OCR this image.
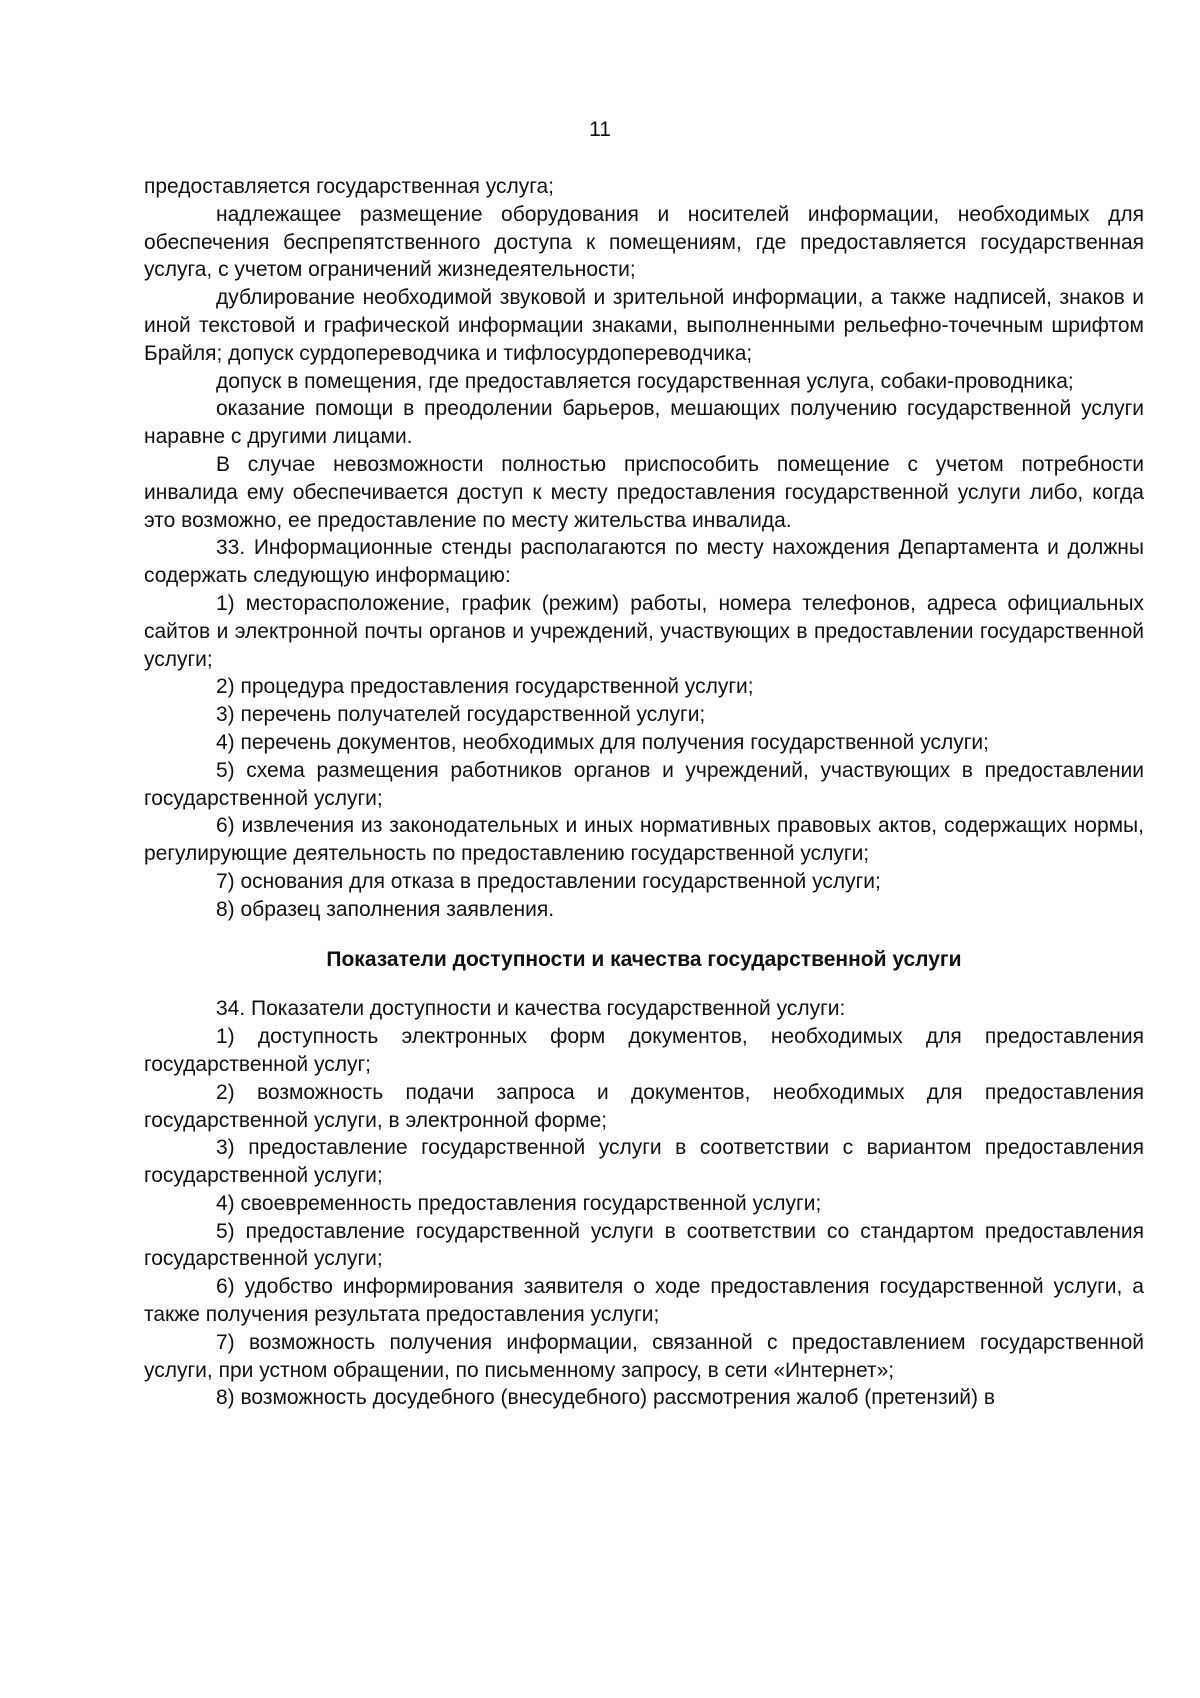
11

предоставляется государственная услуга;

надлежащее размещение оборудования и носителей информации, необходимых для обеспечения беспрепятственного доступа к помещениям, где предоставляется государственная услуга, с учетом ограничений жизнедеятельности;

дублирование необходимой звуковой и зрительной информации, а также надписей, знаков и иной текстовой и графической информации знаками, выполненными рельефно-точечным шрифтом Брайля; допуск сурдопереводчика и тифлосурдопереводчика;

допуск в помещения, где предоставляется государственная услуга, собаки-проводника;

оказание помощи в преодолении барьеров, мешающих получению государственной услуги наравне с другими лицами.

В случае невозможности полностью приспособить помещение с учетом потребности инвалида ему обеспечивается доступ к месту предоставления государственной услуги либо, когда это возможно, ее предоставление по месту жительства инвалида.

33. Информационные стенды располагаются по месту нахождения Департамента и должны содержать следующую информацию:

1) месторасположение, график (режим) работы, номера телефонов, адреса официальных сайтов и электронной почты органов и учреждений, участвующих в предоставлении государственной услуги;

2) процедура предоставления государственной услуги;

3) перечень получателей государственной услуги;

4) перечень документов, необходимых для получения государственной услуги;

5) схема размещения работников органов и учреждений, участвующих в предоставлении государственной услуги;

6) извлечения из законодательных и иных нормативных правовых актов, содержащих нормы, регулирующие деятельность по предоставлению государственной услуги;

7) основания для отказа в предоставлении государственной услуги;

8) образец заполнения заявления.

Показатели доступности и качества государственной услуги

34. Показатели доступности и качества государственной услуги:

1) доступность электронных форм документов, необходимых для предоставления государственной услуг;

2) возможность подачи запроса и документов, необходимых для предоставления государственной услуги, в электронной форме;

3) предоставление государственной услуги в соответствии с вариантом предоставления государственной услуги;

4) своевременность предоставления государственной услуги;

5) предоставление государственной услуги в соответствии со стандартом предоставления государственной услуги;

6) удобство информирования заявителя о ходе предоставления государственной услуги, а также получения результата предоставления услуги;

7) возможность получения информации, связанной с предоставлением государственной услуги, при устном обращении, по письменному запросу, в сети «Интернет»;

8) возможность досудебного (внесудебного) рассмотрения жалоб (претензий) в
